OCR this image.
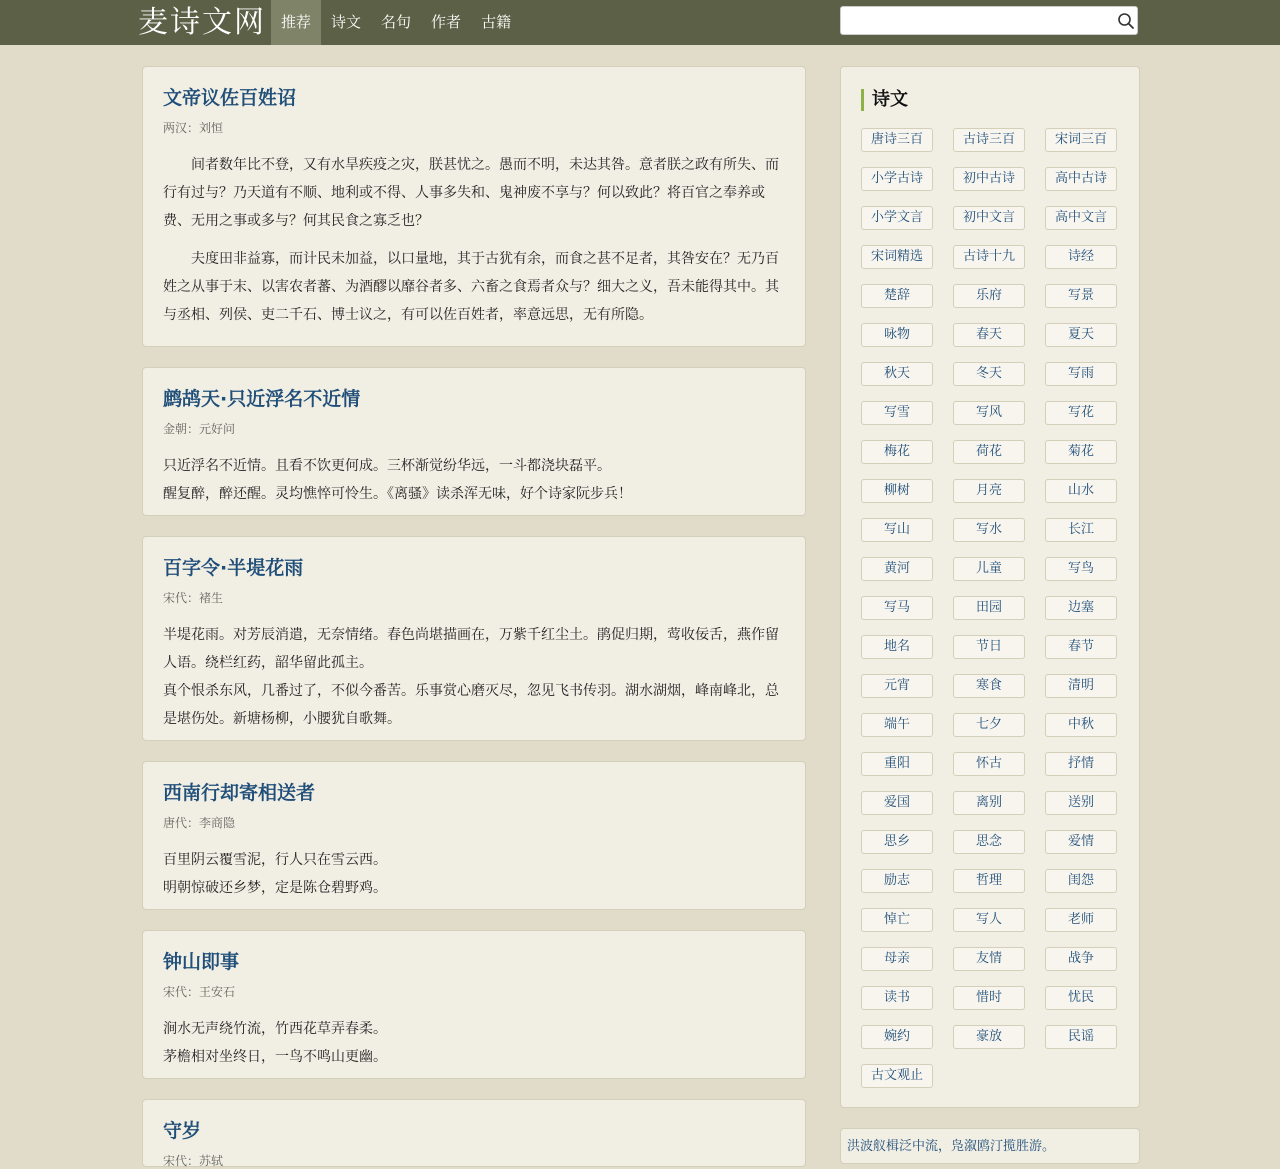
麦诗文网	推荐	诗文	名句	作者	古籍
文帝议佐百姓诏
两汉：刘恒

间者数年比不登，又有水旱疾疫之灾，朕甚忧之。愚而不明，未达其咎。意者朕之政有所失、而行有过与？乃天道有不顺、地利或不得、人事多失和、鬼神废不享与？何以致此？将百官之奉养或费、无用之事或多与？何其民食之寡乏也？

夫度田非益寡，而计民未加益，以口量地，其于古犹有余，而食之甚不足者，其咎安在？无乃百姓之从事于末、以害农者蕃、为酒醪以靡谷者多、六畜之食焉者众与？细大之义，吾未能得其中。其与丞相、列侯、吏二千石、博士议之，有可以佐百姓者，率意远思，无有所隐。

鹧鸪天·只近浮名不近情
金朝：元好问

只近浮名不近情。且看不饮更何成。三杯渐觉纷华远，一斗都浇块磊平。

醒复醉，醉还醒。灵均憔悴可怜生。《离骚》读杀浑无味，好个诗家阮步兵！

百字令·半堤花雨
宋代：褚生

半堤花雨。对芳辰消遣，无奈情绪。春色尚堪描画在，万紫千红尘土。鹃促归期，莺收佞舌，燕作留人语。绕栏红药，韶华留此孤主。

真个恨杀东风，几番过了，不似今番苦。乐事赏心磨灭尽，忽见飞书传羽。湖水湖烟，峰南峰北，总是堪伤处。新塘杨柳，小腰犹自歌舞。

西南行却寄相送者
唐代：李商隐

百里阴云覆雪泥，行人只在雪云西。

明朝惊破还乡梦，定是陈仓碧野鸡。

钟山即事
宋代：王安石

涧水无声绕竹流，竹西花草弄春柔。

茅檐相对坐终日，一鸟不鸣山更幽。

守岁
宋代：苏轼
诗文
唐诗三百	古诗三百	宋词三百
小学古诗	初中古诗	高中古诗
小学文言	初中文言	高中文言
宋词精选	古诗十九	诗经
楚辞	乐府	写景
咏物	春天	夏天
秋天	冬天	写雨
写雪	写风	写花
梅花	荷花	菊花
柳树	月亮	山水
写山	写水	长江
黄河	儿童	写鸟
写马	田园	边塞
地名	节日	春节
元宵	寒食	清明
端午	七夕	中秋
重阳	怀古	抒情
爱国	离别	送别
思乡	思念	爱情
励志	哲理	闺怨
悼亡	写人	老师
母亲	友情	战争
读书	惜时	忧民
婉约	豪放	民谣
古文观止
洪波舣楫泛中流，凫溆鸥汀揽胜游。
